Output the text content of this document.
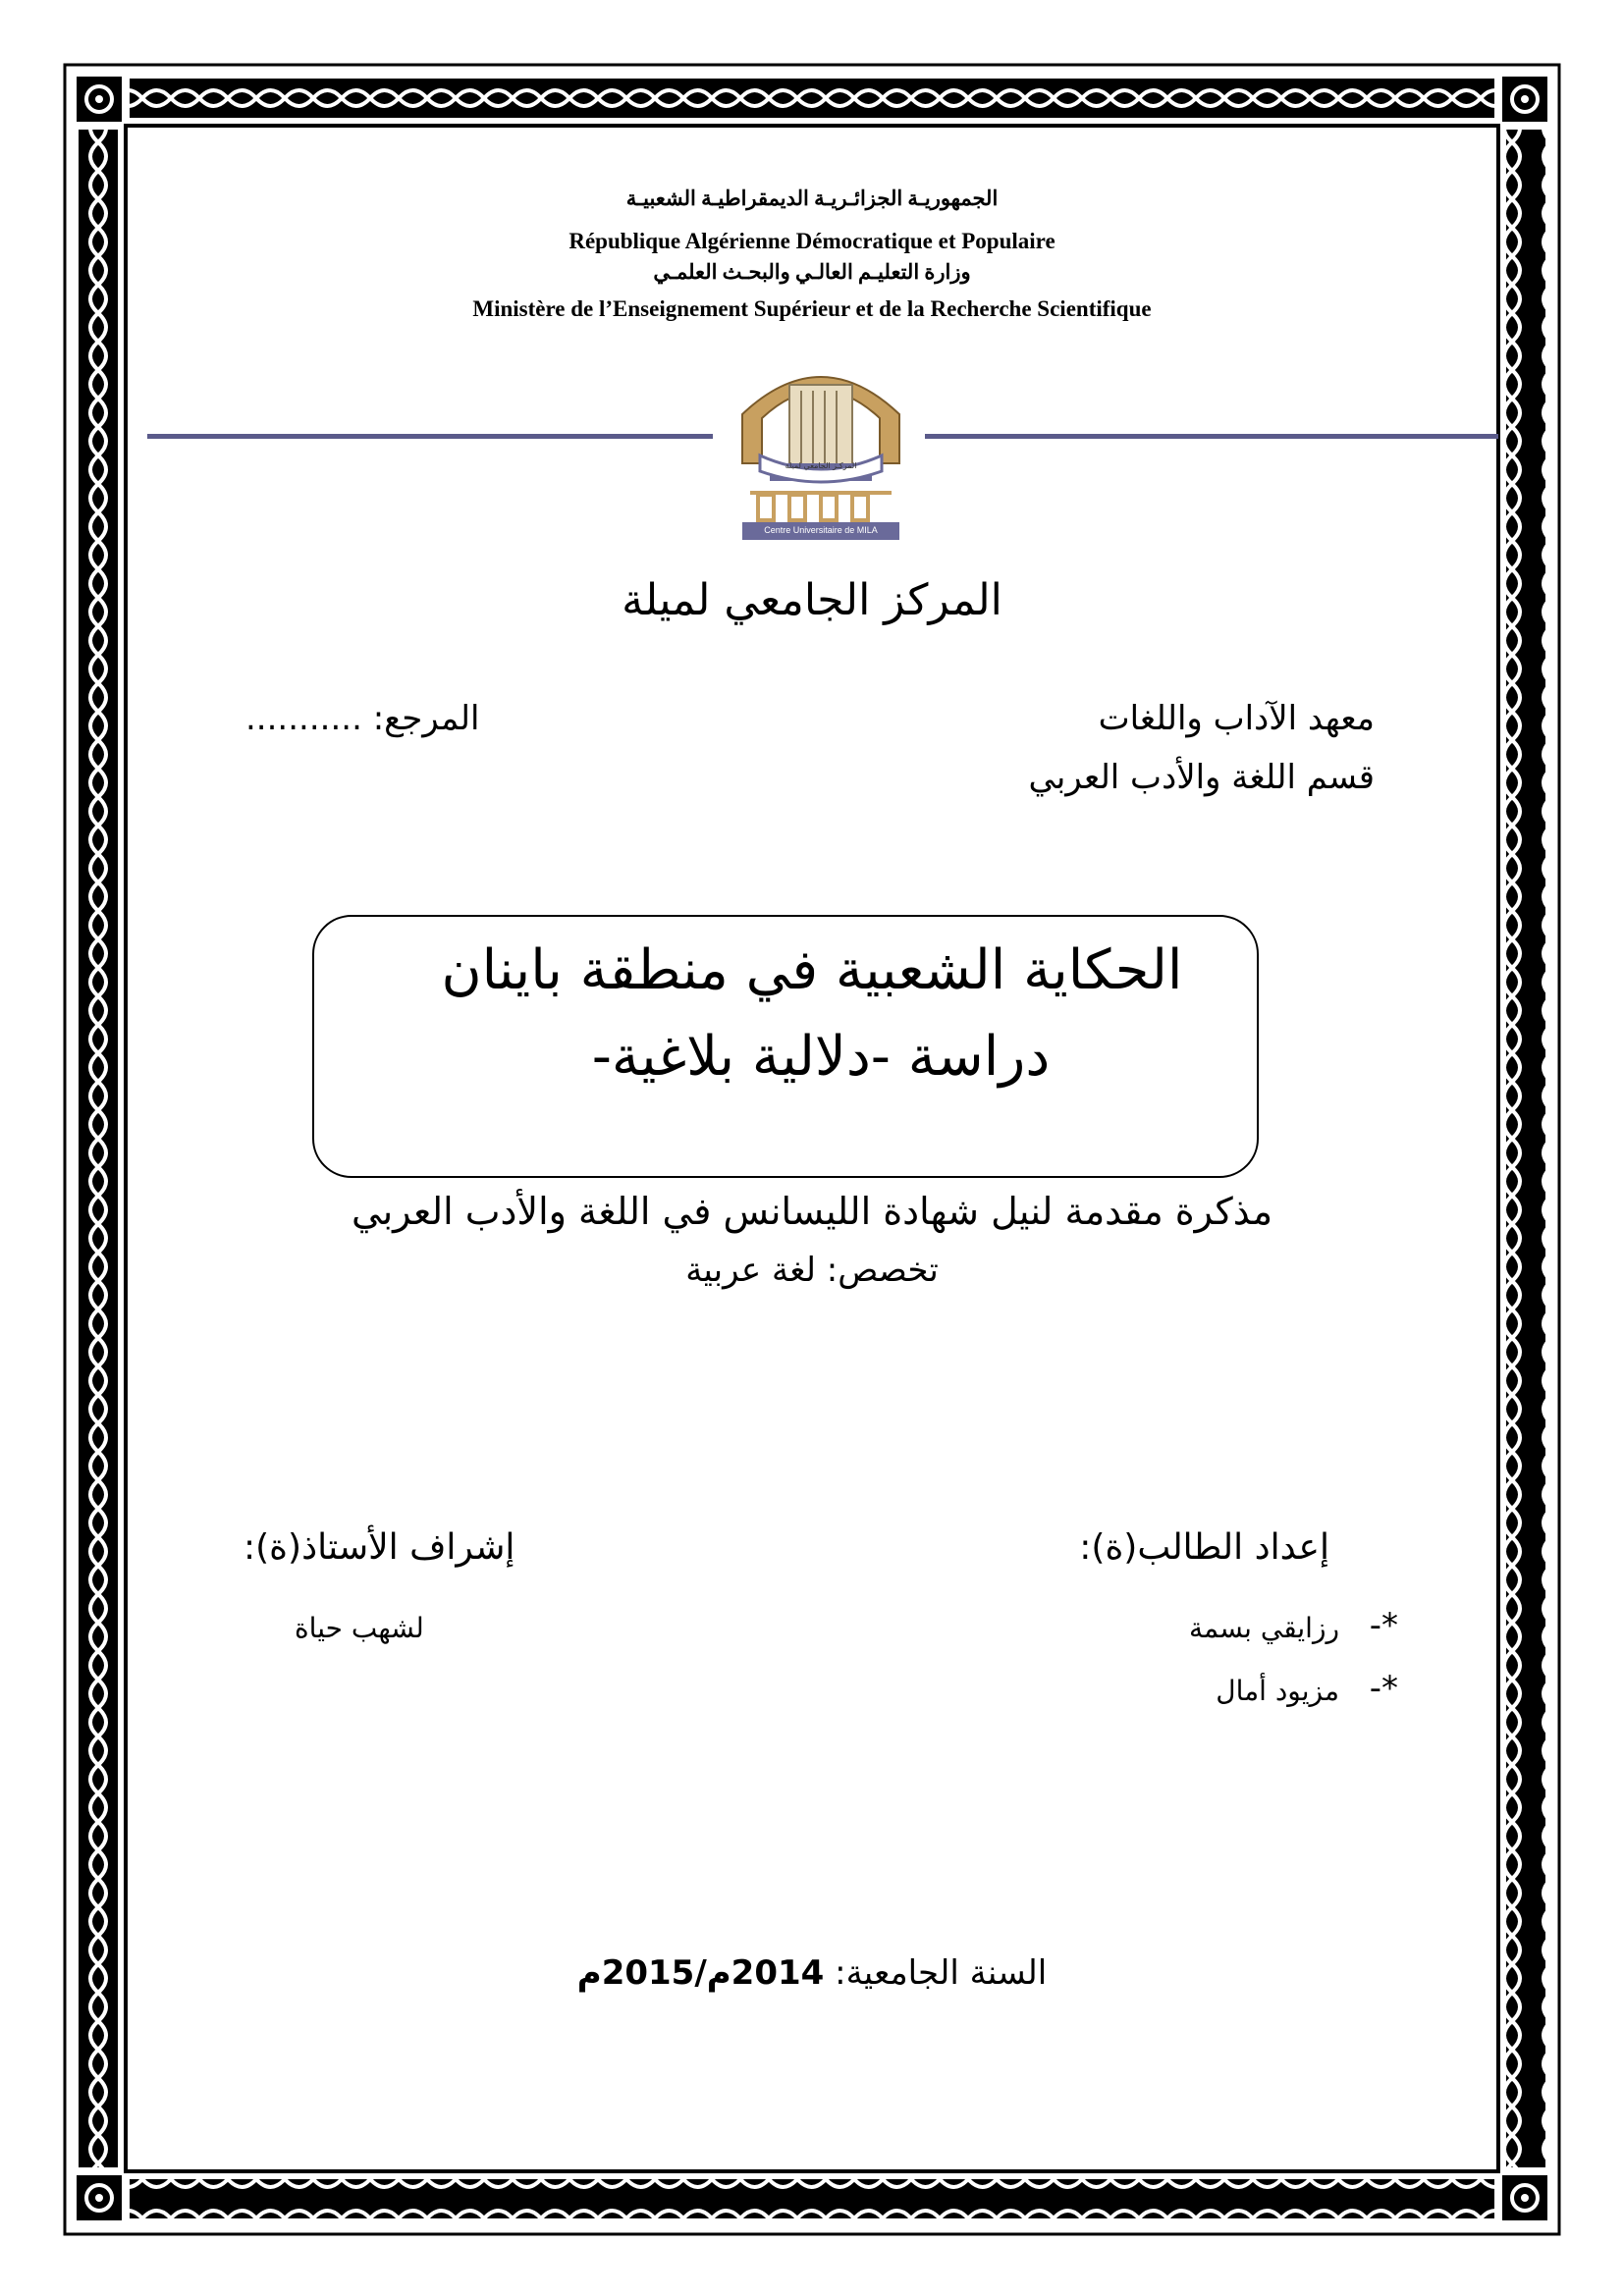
الجمهوريـة الجزائـريـة الديمقراطيـة الشعبيـة
République Algérienne Démocratique et Populaire
وزارة التعليـم العالـي والبحـث العلمـي
Ministère de l’Enseignement Supérieur et de la Recherche Scientifique
المركـز الجامعي لميلة
Centre Universitaire de MILA
المركز الجامعي لميلة
معهد الآداب واللغات
قسم اللغة والأدب العربي
المرجع: ...........
الحكاية الشعبية في منطقة باينان
دراسة -دلالية بلاغية-
مذكرة مقدمة لنيل شهادة الليسانس في اللغة والأدب العربي
تخصص: لغة عربية
إعداد الطالب(ة):
*-
رزايقي بسمة
*-
مزيود أمال
إشراف الأستاذ(ة):
لشهب حياة
السنة الجامعية: 2014م/2015م
